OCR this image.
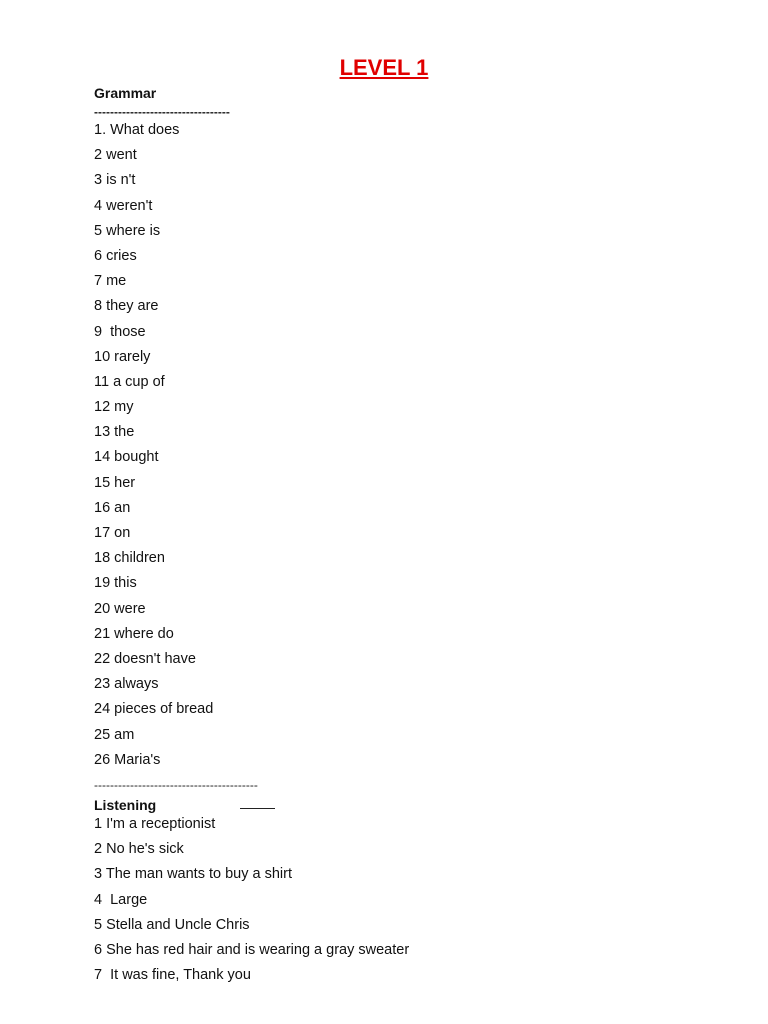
LEVEL 1
Grammar
----------------------------------
1. What does
2 went
3 is n't
4 weren't
5 where is
6 cries
7 me
8 they are
9  those
10 rarely
11 a cup of
12 my
13 the
14 bought
15 her
16 an
17 on
18 children
19 this
20 were
21 where do
22 doesn't have
23 always
24 pieces of bread
25 am
26 Maria's
-----------------------------------------
Listening
1 I'm a receptionist
2 No he's sick
3 The man wants to buy a shirt
4  Large
5 Stella and Uncle Chris
6 She has red hair and is wearing a gray sweater
7  It was fine, Thank you
